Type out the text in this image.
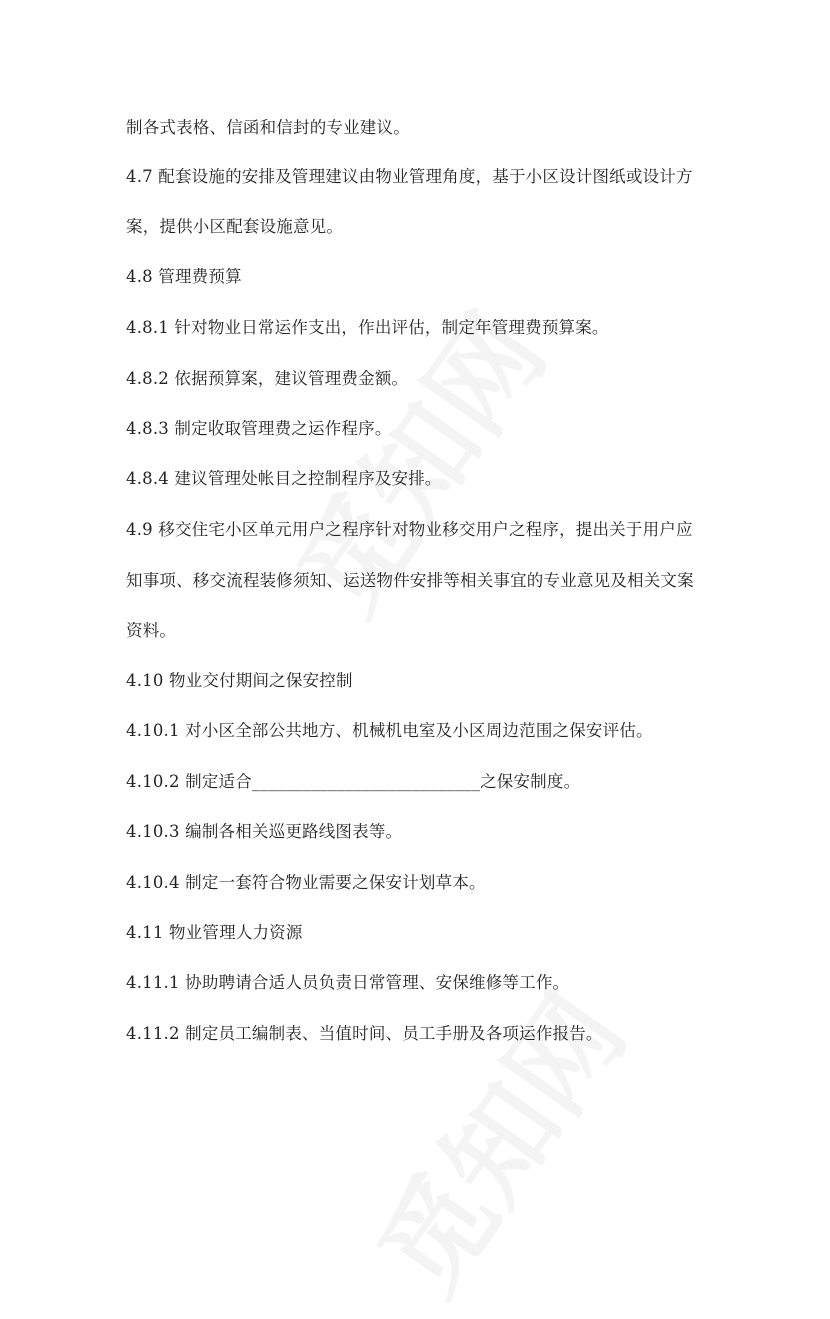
制各式表格、信函和信封的专业建议。
4.7 配套设施的安排及管理建议由物业管理角度，基于小区设计图纸或设计方
案，提供小区配套设施意见。
4.8 管理费预算
4.8.1 针对物业日常运作支出，作出评估，制定年管理费预算案。
4.8.2 依据预算案，建议管理费金额。
4.8.3 制定收取管理费之运作程序。
4.8.4 建议管理处帐目之控制程序及安排。
4.9 移交住宅小区单元用户之程序针对物业移交用户之程序，提出关于用户应
知事项、移交流程装修须知、运送物件安排等相关事宜的专业意见及相关文案
资料。
4.10 物业交付期间之保安控制
4.10.1 对小区全部公共地方、机械机电室及小区周边范围之保安评估。
4.10.2 制定适合___________________________之保安制度。
4.10.3 编制各相关巡更路线图表等。
4.10.4 制定一套符合物业需要之保安计划草本。
4.11 物业管理人力资源
4.11.1 协助聘请合适人员负责日常管理、安保维修等工作。
4.11.2 制定员工编制表、当值时间、员工手册及各项运作报告。
